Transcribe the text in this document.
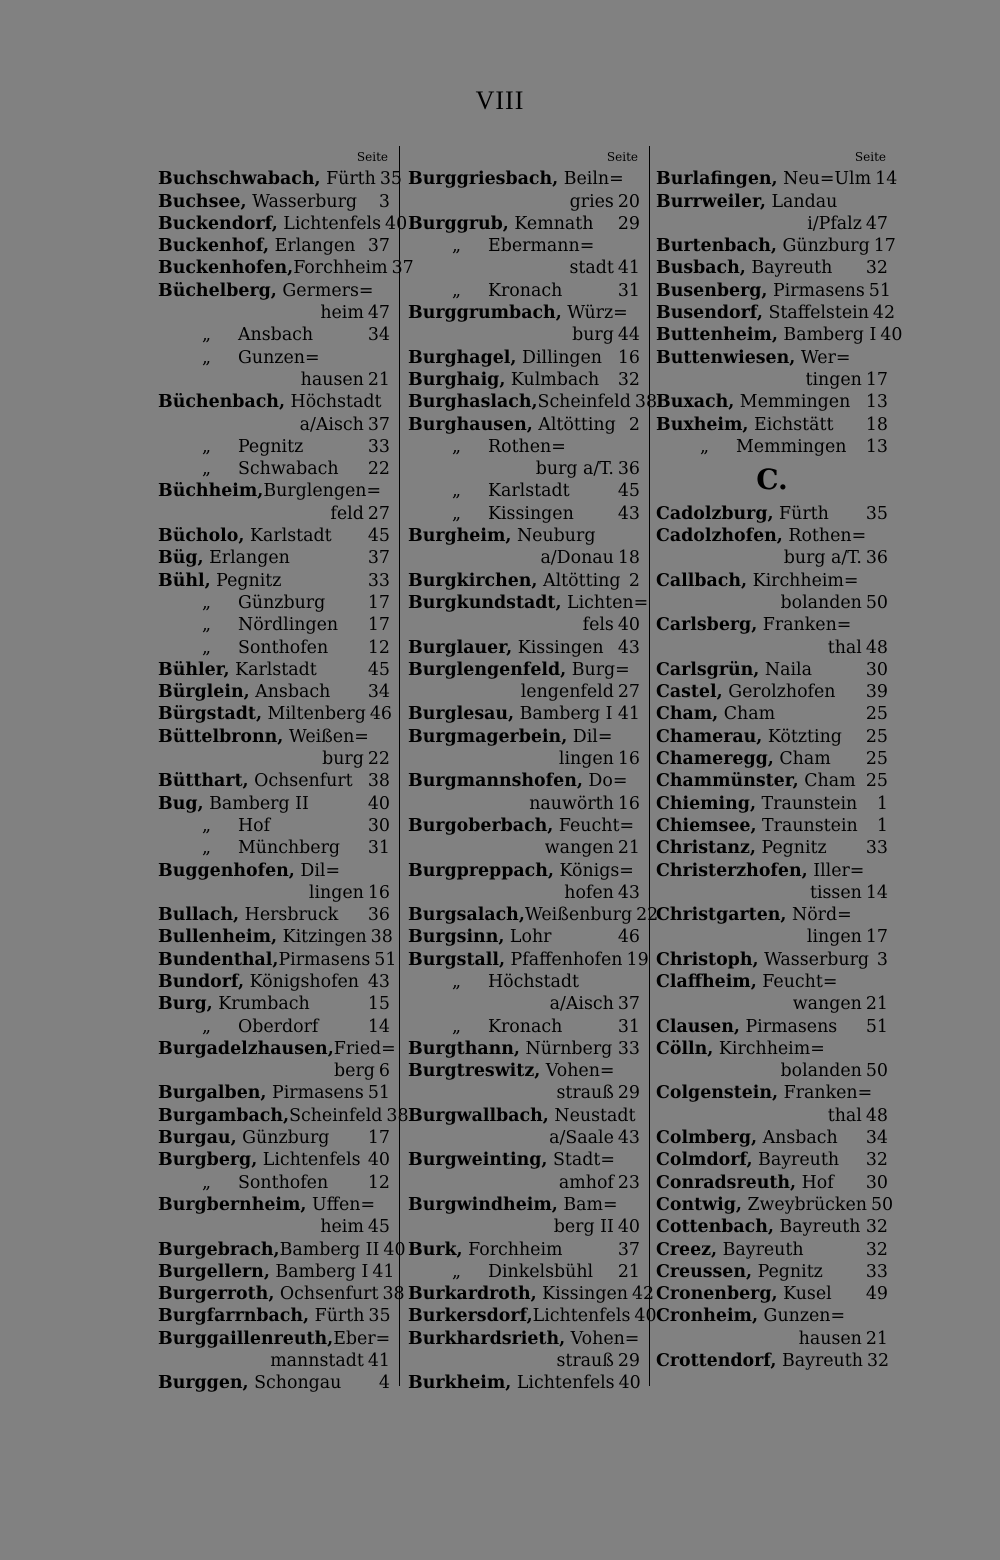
VIII
Seite
Buchschwabach, Fürth 35
Buchsee, Wasserburg	3
Buckendorf, Lichtenfels 40
Buckenhof, Erlangen 37
Buckenhofen,Forchheim 37
Büchelberg, Germers=
heim 47
„	Ansbach	34
„	Gunzen=
hausen 21
Büchenbach, Höchstadt
a/Aisch 37
„	Pegnitz	33
„	Schwabach	22
Büchheim,Burglengen=
feld 27
Bücholo, Karlstadt	45
Büg, Erlangen	37
Bühl, Pegnitz	33
„	Günzburg	17
„	Nördlingen	17
„	Sonthofen	12
Bühler, Karlstadt	45
Bürglein, Ansbach	34
Bürgstadt, Miltenberg 46
Büttelbronn, Weißen=
burg 22
Bütthart, Ochsenfurt 38
Bug, Bamberg II	40
„	Hof	30
„	Münchberg	31
Buggenhofen, Dil=
lingen 16
Bullach, Hersbruck	36
Bullenheim, Kitzingen 38
Bundenthal,Pirmasens 51
Bundorf, Königshofen 43
Burg, Krumbach	15
„	Oberdorf	14
Burgadelzhausen,Fried=
berg 6
Burgalben, Pirmasens 51
Burgambach,Scheinfeld 38
Burgau, Günzburg	17
Burgberg, Lichtenfels 40
„	Sonthofen	12
Burgbernheim, Uffen=
heim 45
Burgebrach,Bamberg II 40
Burgellern, Bamberg I 41
Burgerroth, Ochsenfurt 38
Burgfarrnbach, Fürth 35
Burggaillenreuth,Eber=
mannstadt 41
Burggen, Schongau	4
Seite
Burggriesbach, Beiln=
gries 20
Burggrub, Kemnath	29
„	Ebermann=
stadt 41
„	Kronach	31
Burggrumbach, Würz=
burg 44
Burghagel, Dillingen 16
Burghaig, Kulmbach	32
Burghaslach,Scheinfeld 38
Burghausen, Altötting 2
„	Rothen=
burg a/T. 36
„	Karlstadt	45
„	Kissingen	43
Burgheim, Neuburg
a/Donau 18
Burgkirchen, Altötting 2
Burgkundstadt, Lichten=
fels 40
Burglauer, Kissingen 43
Burglengenfeld, Burg=
lengenfeld 27
Burglesau, Bamberg I 41
Burgmagerbein, Dil=
lingen 16
Burgmannshofen, Do=
nauwörth 16
Burgoberbach, Feucht=
wangen 21
Burgpreppach, Königs=
hofen 43
Burgsalach,Weißenburg 22
Burgsinn, Lohr	46
Burgstall, Pfaffenhofen 19
„	Höchstadt
a/Aisch 37
„	Kronach	31
Burgthann, Nürnberg 33
Burgtreswitz, Vohen=
strauß 29
Burgwallbach, Neustadt
a/Saale 43
Burgweinting, Stadt=
amhof 23
Burgwindheim, Bam=
berg II 40
Burk, Forchheim	37
„	Dinkelsbühl	21
Burkardroth, Kissingen 42
Burkersdorf,Lichtenfels 40
Burkhardsrieth, Vohen=
strauß 29
Burkheim, Lichtenfels 40
Seite
Burlafingen, Neu=Ulm 14
Burrweiler, Landau
i/Pfalz 47
Burtenbach, Günzburg 17
Busbach, Bayreuth	32
Busenberg, Pirmasens 51
Busendorf, Staffelstein 42
Buttenheim, Bamberg I 40
Buttenwiesen, Wer=
tingen 17
Buxach, Memmingen 13
Buxheim, Eichstätt	18
„	Memmingen	13
C.
Cadolzburg, Fürth	35
Cadolzhofen, Rothen=
burg a/T. 36
Callbach, Kirchheim=
bolanden 50
Carlsberg, Franken=
thal 48
Carlsgrün, Naila	30
Castel, Gerolzhofen	39
Cham, Cham	25
Chamerau, Kötzting	25
Chameregg, Cham	25
Chammünster, Cham 25
Chieming, Traunstein	1
Chiemsee, Traunstein	1
Christanz, Pegnitz	33
Christerzhofen, Iller=
tissen 14
Christgarten, Nörd=
lingen 17
Christoph, Wasserburg 3
Claffheim, Feucht=
wangen 21
Clausen, Pirmasens	51
Cölln, Kirchheim=
bolanden 50
Colgenstein, Franken=
thal 48
Colmberg, Ansbach	34
Colmdorf, Bayreuth	32
Conradsreuth, Hof	30
Contwig, Zweybrücken 50
Cottenbach, Bayreuth 32
Creez, Bayreuth	32
Creussen, Pegnitz	33
Cronenberg, Kusel	49
Cronheim, Gunzen=
hausen 21
Crottendorf, Bayreuth 32
